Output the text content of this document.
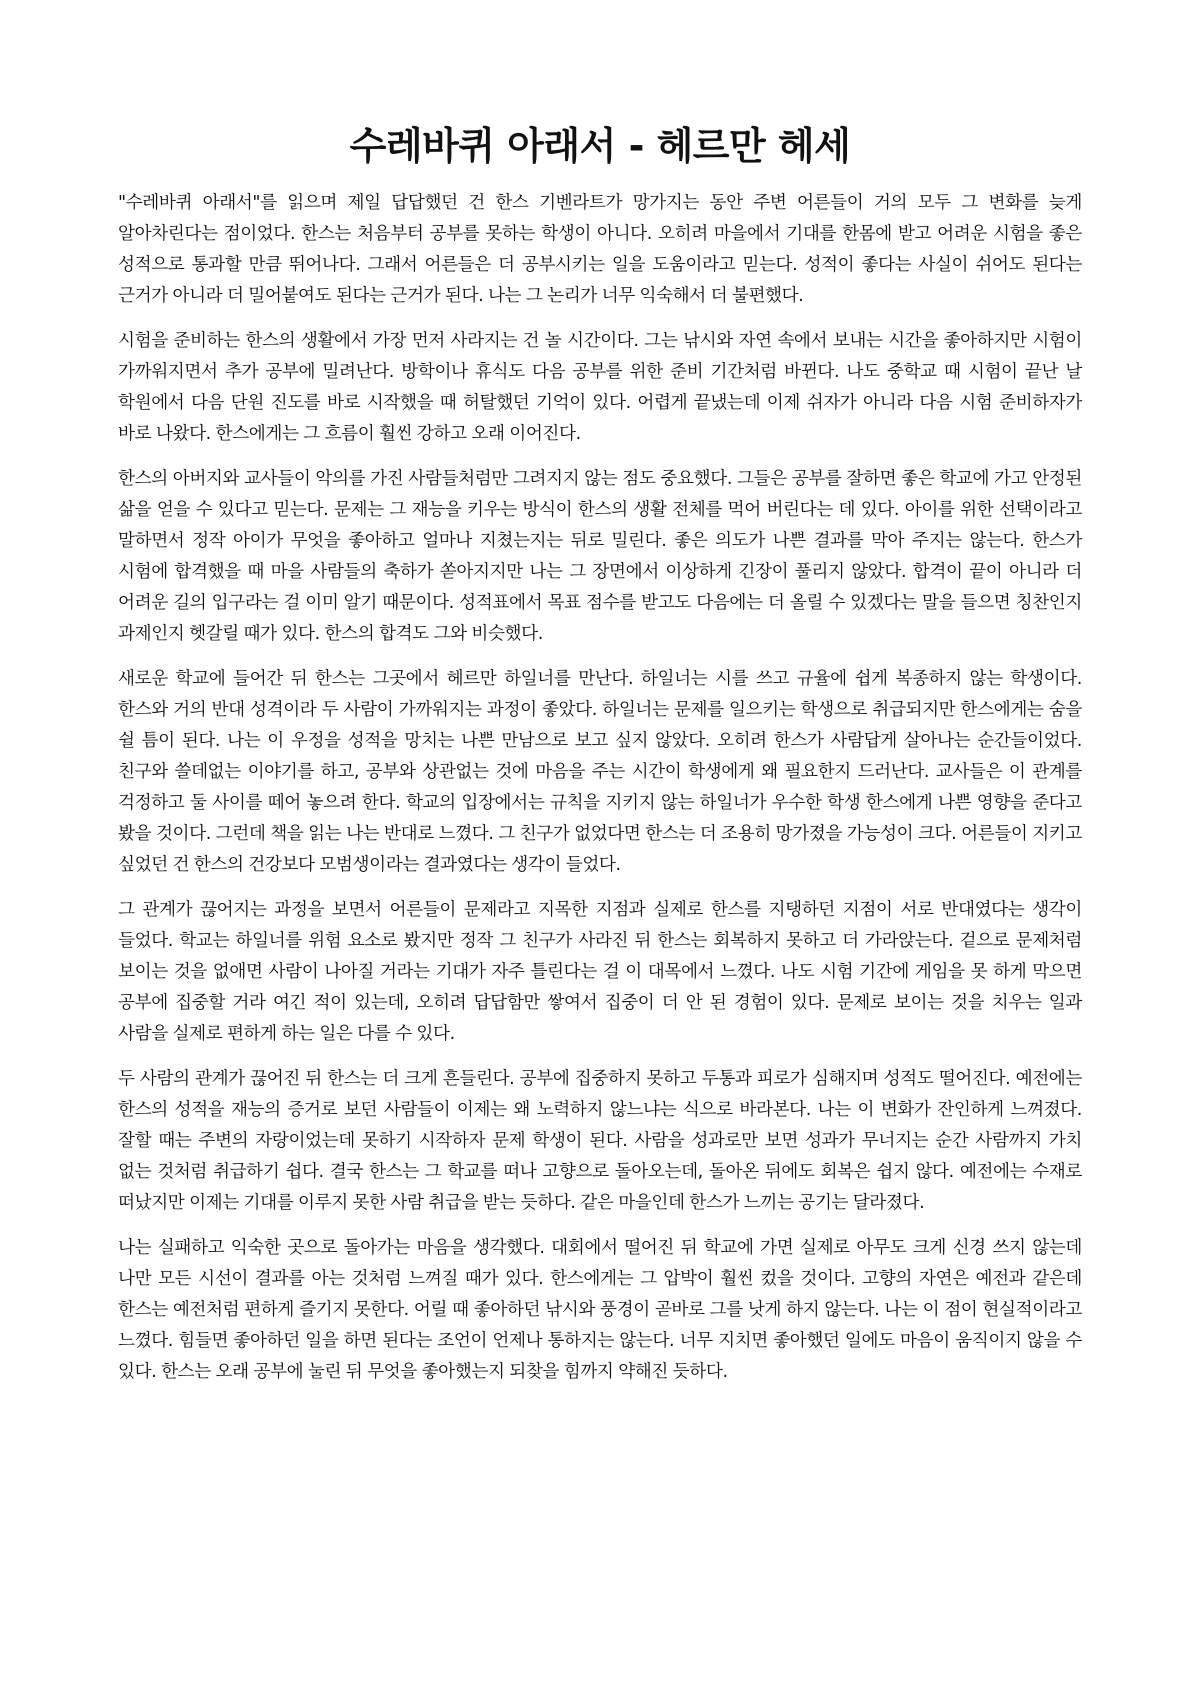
수레바퀴 아래서 - 헤르만 헤세

"수레바퀴 아래서"를 읽으며 제일 답답했던 건 한스 기벤라트가 망가지는 동안 주변 어른들이 거의 모두 그 변화를 늦게 알아차린다는 점이었다. 한스는 처음부터 공부를 못하는 학생이 아니다. 오히려 마을에서 기대를 한몸에 받고 어려운 시험을 좋은 성적으로 통과할 만큼 뛰어나다. 그래서 어른들은 더 공부시키는 일을 도움이라고 믿는다. 성적이 좋다는 사실이 쉬어도 된다는 근거가 아니라 더 밀어붙여도 된다는 근거가 된다. 나는 그 논리가 너무 익숙해서 더 불편했다.

시험을 준비하는 한스의 생활에서 가장 먼저 사라지는 건 놀 시간이다. 그는 낚시와 자연 속에서 보내는 시간을 좋아하지만 시험이 가까워지면서 추가 공부에 밀려난다. 방학이나 휴식도 다음 공부를 위한 준비 기간처럼 바뀐다. 나도 중학교 때 시험이 끝난 날 학원에서 다음 단원 진도를 바로 시작했을 때 허탈했던 기억이 있다. 어렵게 끝냈는데 이제 쉬자가 아니라 다음 시험 준비하자가 바로 나왔다. 한스에게는 그 흐름이 훨씬 강하고 오래 이어진다.

한스의 아버지와 교사들이 악의를 가진 사람들처럼만 그려지지 않는 점도 중요했다. 그들은 공부를 잘하면 좋은 학교에 가고 안정된 삶을 얻을 수 있다고 믿는다. 문제는 그 재능을 키우는 방식이 한스의 생활 전체를 먹어 버린다는 데 있다. 아이를 위한 선택이라고 말하면서 정작 아이가 무엇을 좋아하고 얼마나 지쳤는지는 뒤로 밀린다. 좋은 의도가 나쁜 결과를 막아 주지는 않는다. 한스가 시험에 합격했을 때 마을 사람들의 축하가 쏟아지지만 나는 그 장면에서 이상하게 긴장이 풀리지 않았다. 합격이 끝이 아니라 더 어려운 길의 입구라는 걸 이미 알기 때문이다. 성적표에서 목표 점수를 받고도 다음에는 더 올릴 수 있겠다는 말을 들으면 칭찬인지 과제인지 헷갈릴 때가 있다. 한스의 합격도 그와 비슷했다.

새로운 학교에 들어간 뒤 한스는 그곳에서 헤르만 하일너를 만난다. 하일너는 시를 쓰고 규율에 쉽게 복종하지 않는 학생이다. 한스와 거의 반대 성격이라 두 사람이 가까워지는 과정이 좋았다. 하일너는 문제를 일으키는 학생으로 취급되지만 한스에게는 숨을 쉴 틈이 된다. 나는 이 우정을 성적을 망치는 나쁜 만남으로 보고 싶지 않았다. 오히려 한스가 사람답게 살아나는 순간들이었다. 친구와 쓸데없는 이야기를 하고, 공부와 상관없는 것에 마음을 주는 시간이 학생에게 왜 필요한지 드러난다. 교사들은 이 관계를 걱정하고 둘 사이를 떼어 놓으려 한다. 학교의 입장에서는 규칙을 지키지 않는 하일너가 우수한 학생 한스에게 나쁜 영향을 준다고 봤을 것이다. 그런데 책을 읽는 나는 반대로 느꼈다. 그 친구가 없었다면 한스는 더 조용히 망가졌을 가능성이 크다. 어른들이 지키고 싶었던 건 한스의 건강보다 모범생이라는 결과였다는 생각이 들었다.

그 관계가 끊어지는 과정을 보면서 어른들이 문제라고 지목한 지점과 실제로 한스를 지탱하던 지점이 서로 반대였다는 생각이 들었다. 학교는 하일너를 위험 요소로 봤지만 정작 그 친구가 사라진 뒤 한스는 회복하지 못하고 더 가라앉는다. 겉으로 문제처럼 보이는 것을 없애면 사람이 나아질 거라는 기대가 자주 틀린다는 걸 이 대목에서 느꼈다. 나도 시험 기간에 게임을 못 하게 막으면 공부에 집중할 거라 여긴 적이 있는데, 오히려 답답함만 쌓여서 집중이 더 안 된 경험이 있다. 문제로 보이는 것을 치우는 일과 사람을 실제로 편하게 하는 일은 다를 수 있다.

두 사람의 관계가 끊어진 뒤 한스는 더 크게 흔들린다. 공부에 집중하지 못하고 두통과 피로가 심해지며 성적도 떨어진다. 예전에는 한스의 성적을 재능의 증거로 보던 사람들이 이제는 왜 노력하지 않느냐는 식으로 바라본다. 나는 이 변화가 잔인하게 느껴졌다. 잘할 때는 주변의 자랑이었는데 못하기 시작하자 문제 학생이 된다. 사람을 성과로만 보면 성과가 무너지는 순간 사람까지 가치 없는 것처럼 취급하기 쉽다. 결국 한스는 그 학교를 떠나 고향으로 돌아오는데, 돌아온 뒤에도 회복은 쉽지 않다. 예전에는 수재로 떠났지만 이제는 기대를 이루지 못한 사람 취급을 받는 듯하다. 같은 마을인데 한스가 느끼는 공기는 달라졌다.

나는 실패하고 익숙한 곳으로 돌아가는 마음을 생각했다. 대회에서 떨어진 뒤 학교에 가면 실제로 아무도 크게 신경 쓰지 않는데 나만 모든 시선이 결과를 아는 것처럼 느껴질 때가 있다. 한스에게는 그 압박이 훨씬 컸을 것이다. 고향의 자연은 예전과 같은데 한스는 예전처럼 편하게 즐기지 못한다. 어릴 때 좋아하던 낚시와 풍경이 곧바로 그를 낫게 하지 않는다. 나는 이 점이 현실적이라고 느꼈다. 힘들면 좋아하던 일을 하면 된다는 조언이 언제나 통하지는 않는다. 너무 지치면 좋아했던 일에도 마음이 움직이지 않을 수 있다. 한스는 오래 공부에 눌린 뒤 무엇을 좋아했는지 되찾을 힘까지 약해진 듯하다.
